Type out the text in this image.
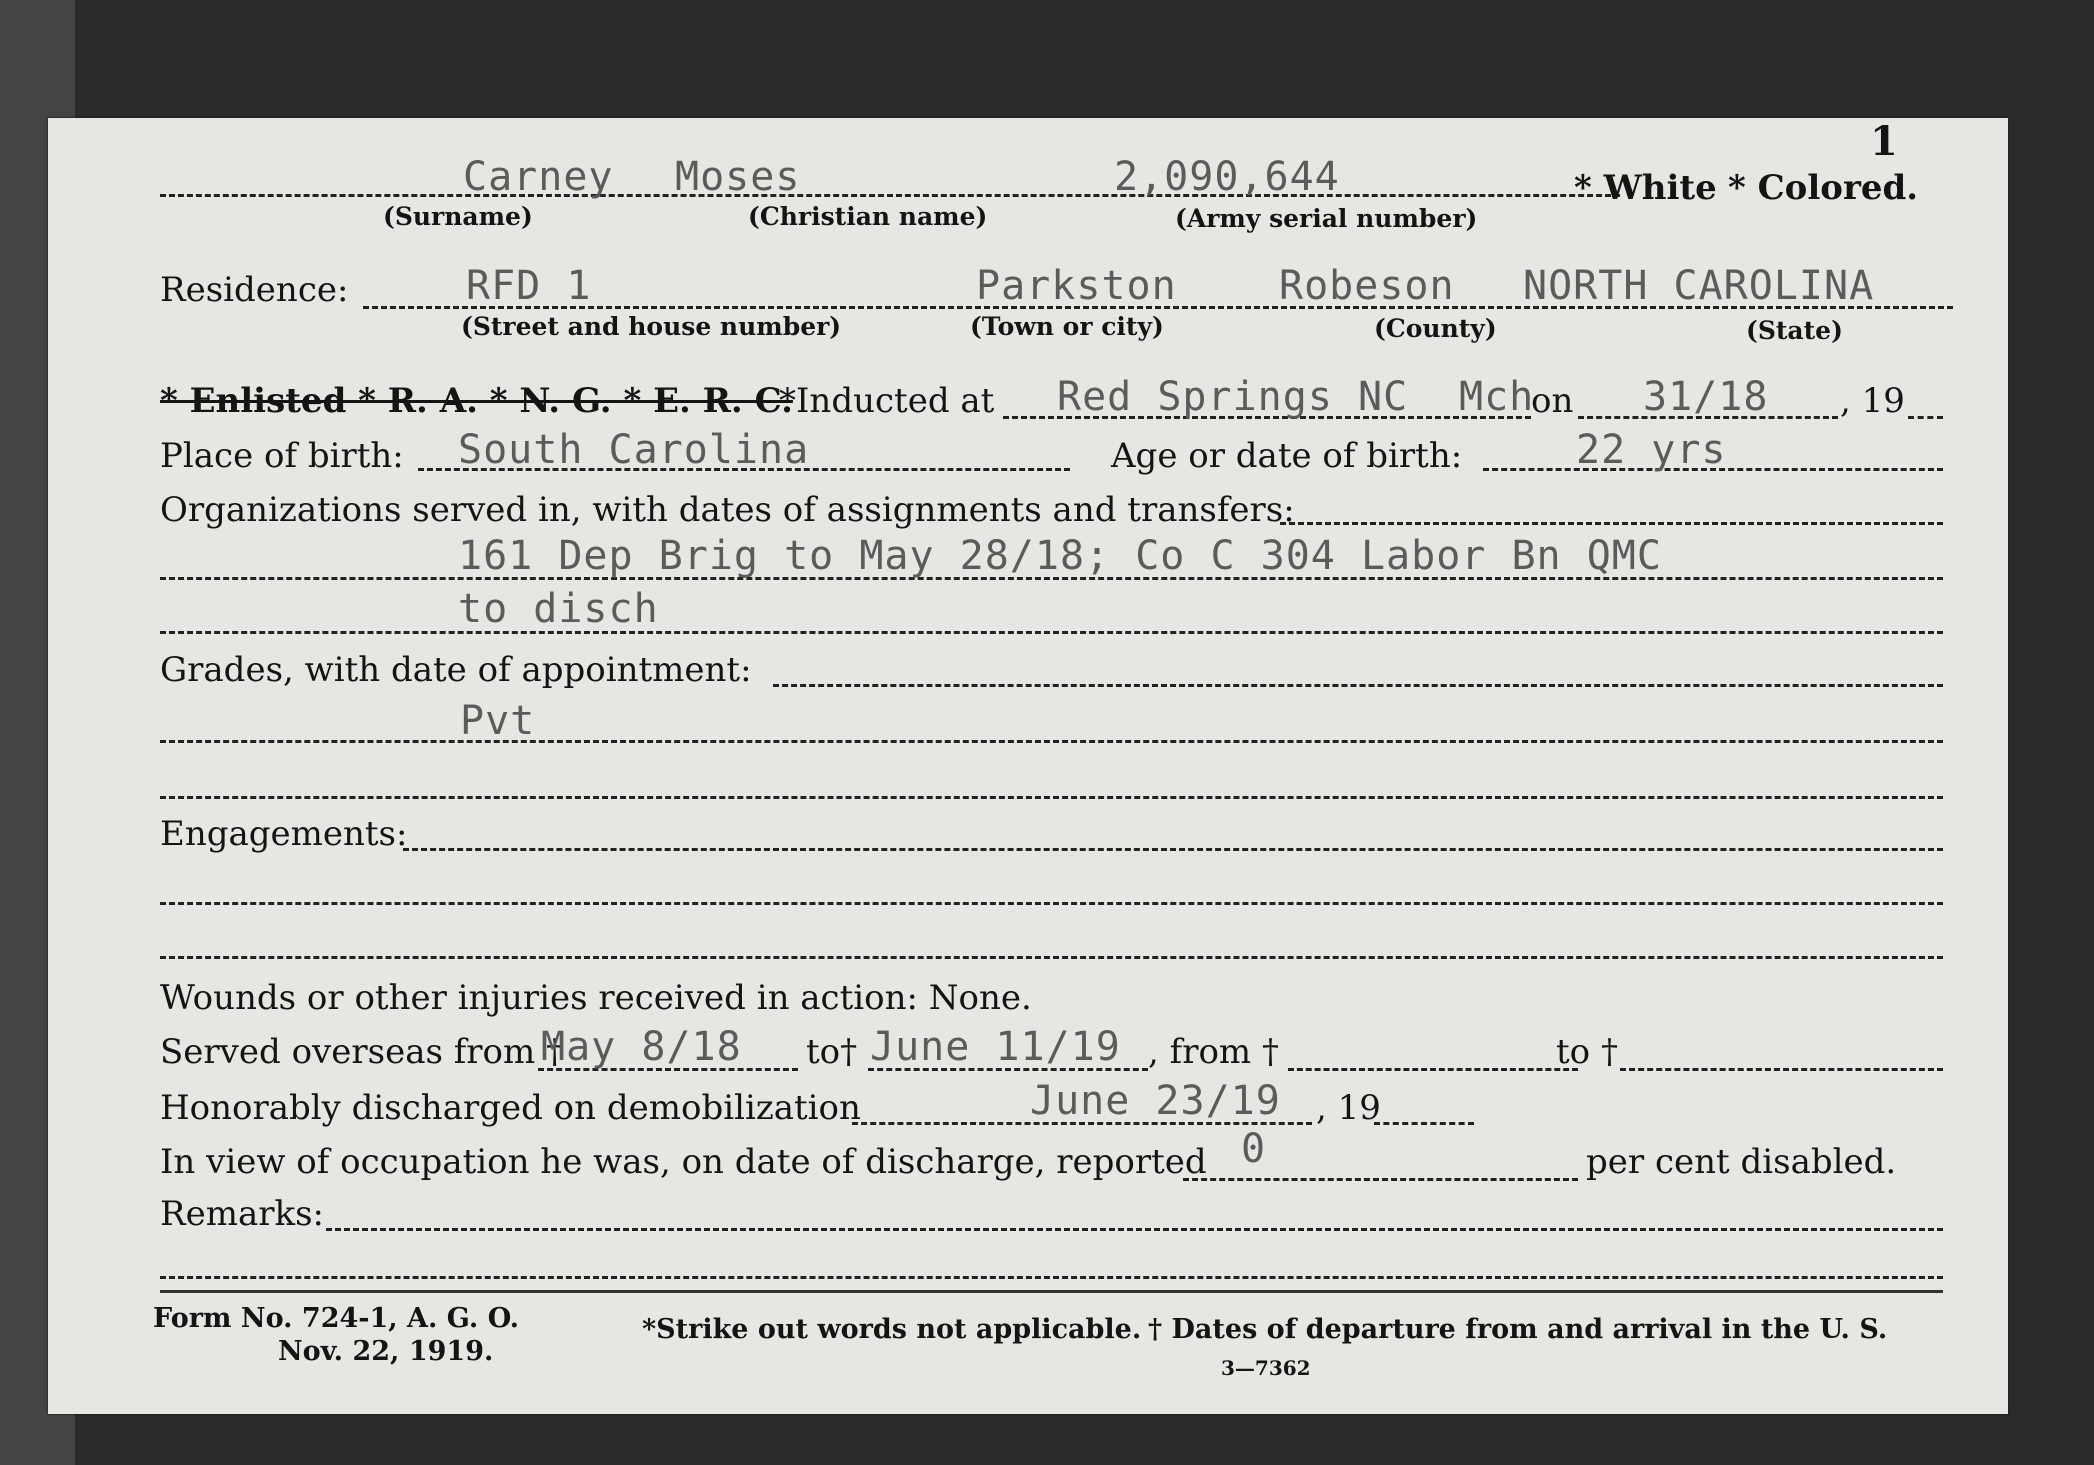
1
Carney Moses	2,090,644	* White * Colored.
(Surname)	(Christian name)	(Army serial number)
Residence:	RFD 1	Parkston	Robeson NORTH CAROLINA
(Street and house number)	(Town or city)	(County)	(State)
* Enlisted * R. A. * N. G. * E. R. C.
*Inducted at Red Springs NC Mch
on 31/18 , 19
Place of birth: South Carolina	Age or date of birth:	22 yrs
Organizations served in, with dates of assignments and transfers:
161 Dep Brig to May 28/18; Co C 304 Labor Bn QMC
to disch
Grades, with date of appointment:
Pvt
Engagements:
Wounds or other injuries received in action: None.
Served overseas from †
May 8/18 to† June 11/19 , from †	to †
Honorably discharged on demobilization	June 23/19 , 19
In view of occupation he was, on date of discharge, reported 0	per cent disabled.
Remarks:
Form No. 724-1, A. G. O.
Nov. 22, 1919.
*Strike out words not applicable. † Dates of departure from and arrival in the U. S.
3—7362
